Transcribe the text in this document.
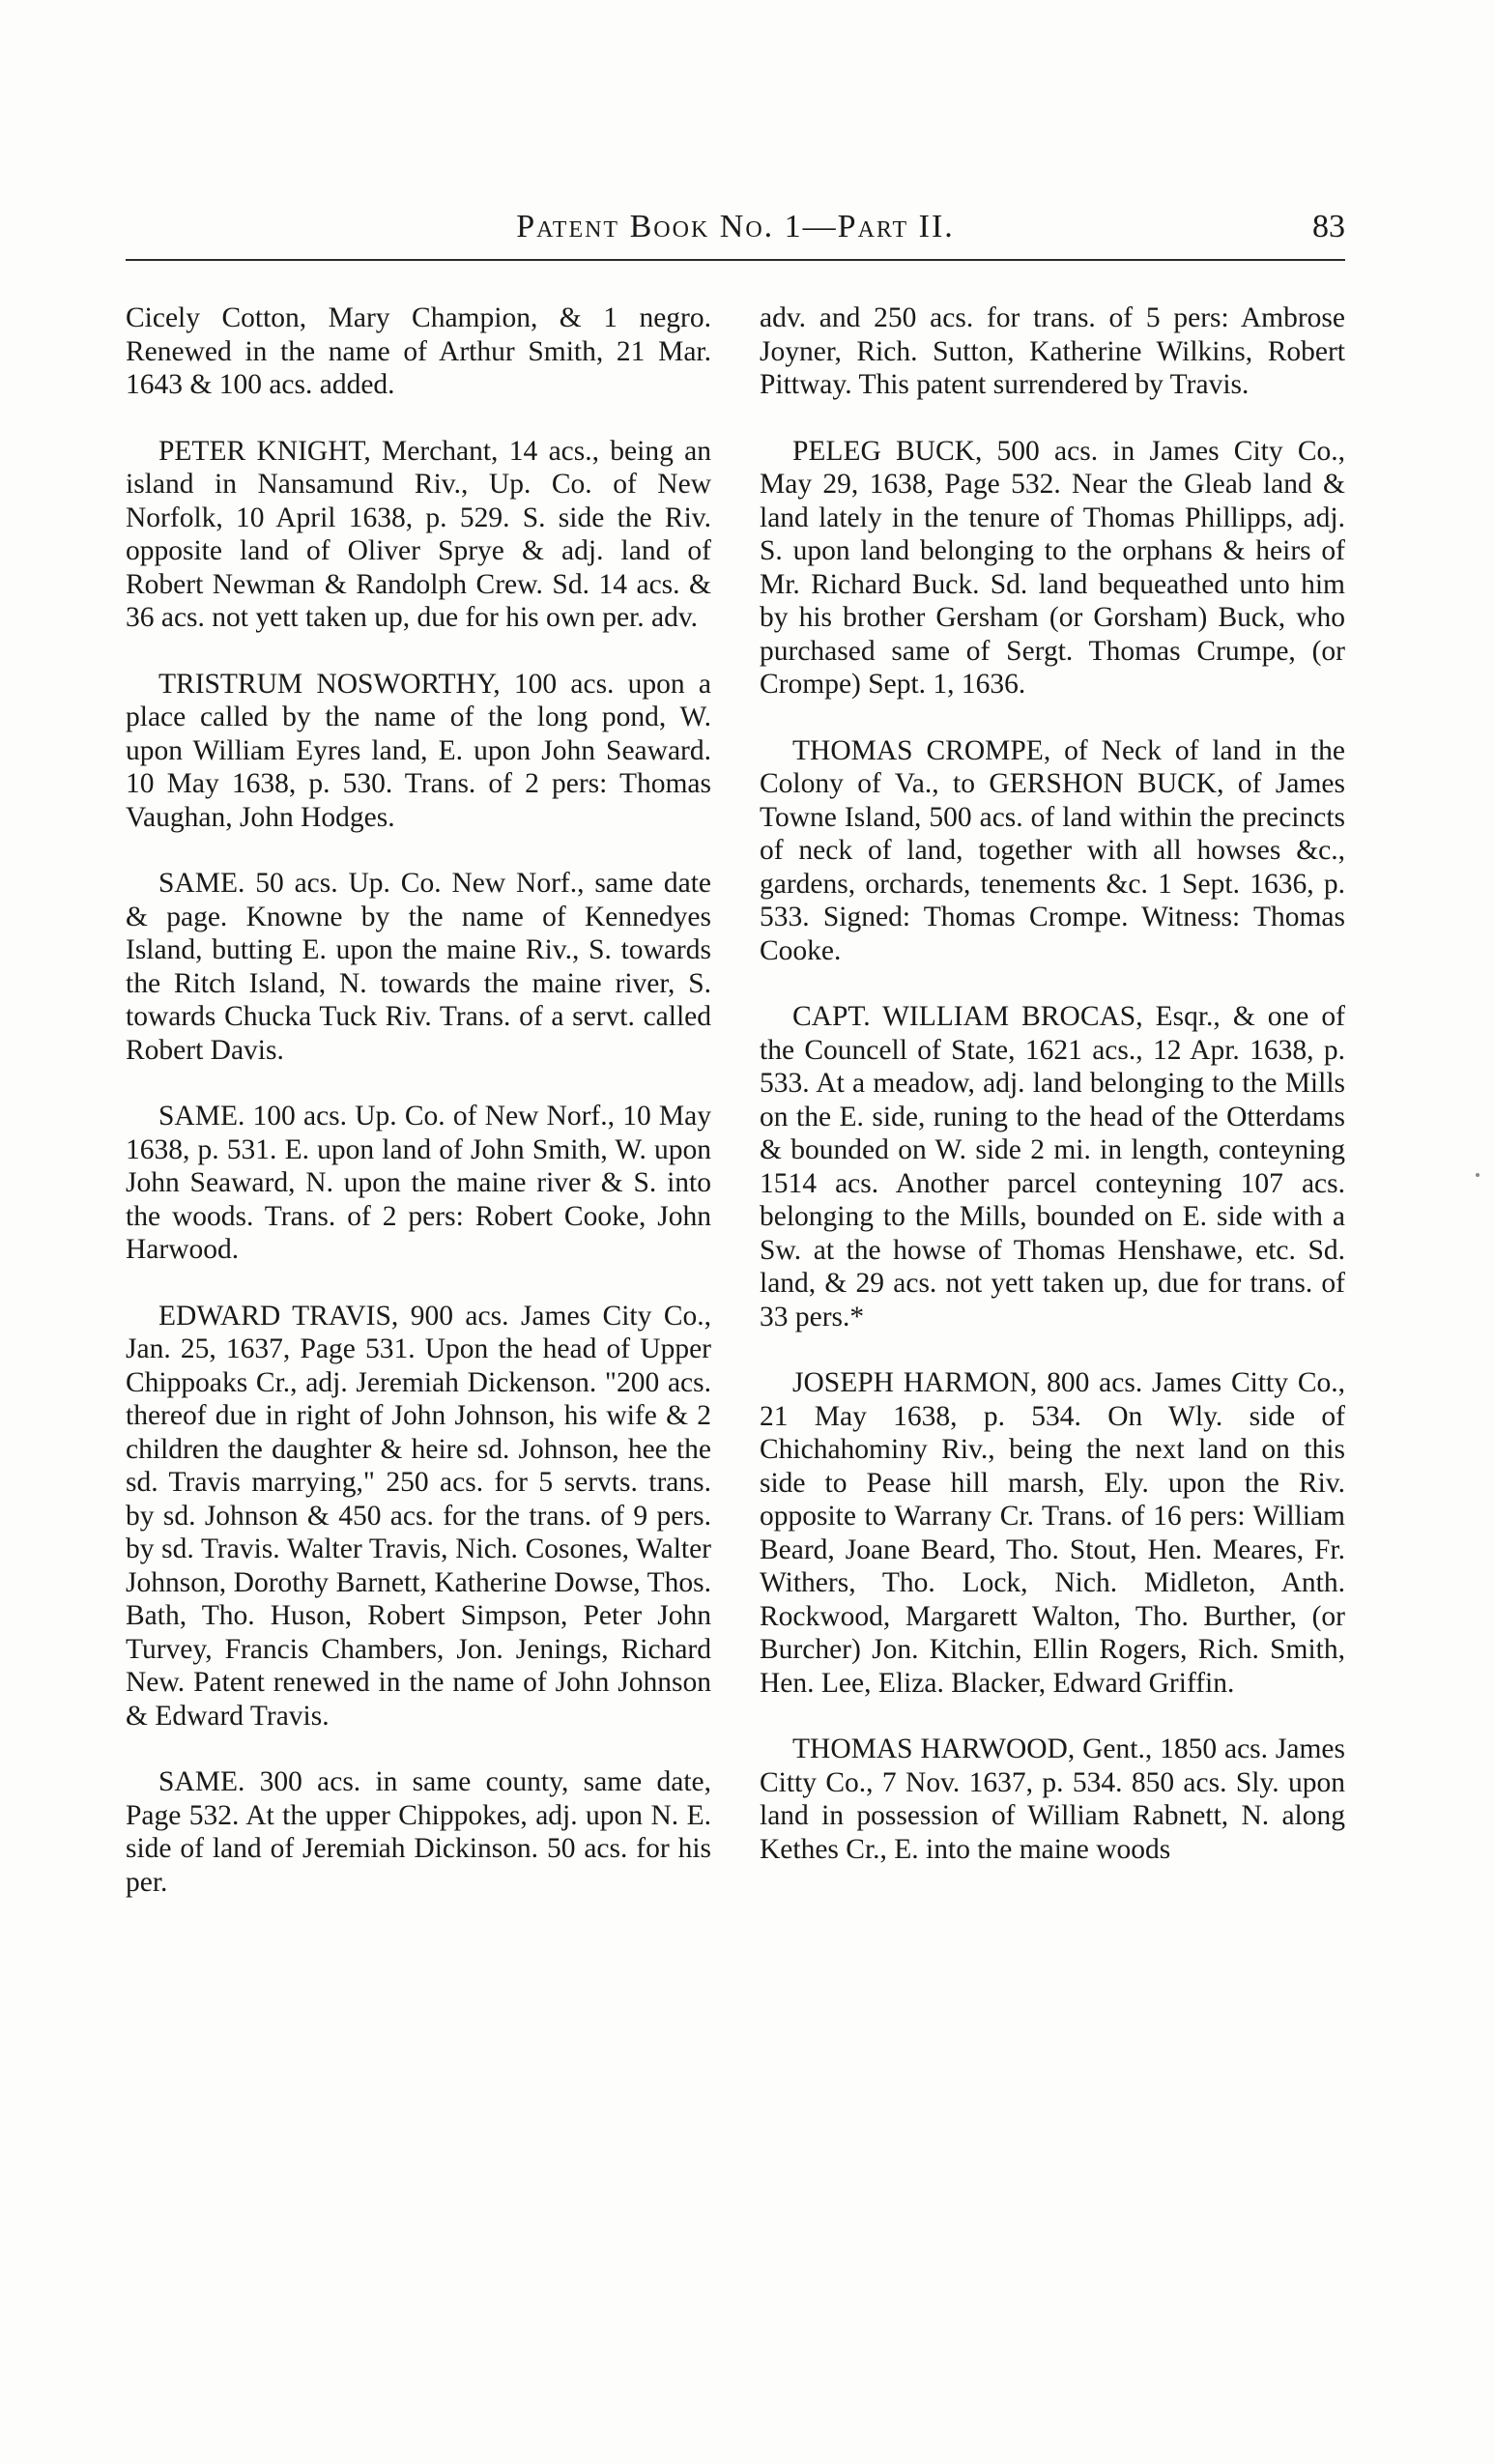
Patent Book No. 1—Part II.	83

Cicely Cotton, Mary Champion, & 1 negro. Renewed in the name of Arthur Smith, 21 Mar. 1643 & 100 acs. added.

PETER KNIGHT, Merchant, 14 acs., being an island in Nansamund Riv., Up. Co. of New Norfolk, 10 April 1638, p. 529. S. side the Riv. opposite land of Oliver Sprye & adj. land of Robert Newman & Randolph Crew. Sd. 14 acs. & 36 acs. not yett taken up, due for his own per. adv.

TRISTRUM NOSWORTHY, 100 acs. upon a place called by the name of the long pond, W. upon William Eyres land, E. upon John Seaward. 10 May 1638, p. 530. Trans. of 2 pers: Thomas Vaughan, John Hodges.

SAME. 50 acs. Up. Co. New Norf., same date & page. Knowne by the name of Kennedyes Island, butting E. upon the maine Riv., S. towards the Ritch Island, N. towards the maine river, S. towards Chucka Tuck Riv. Trans. of a servt. called Robert Davis.

SAME. 100 acs. Up. Co. of New Norf., 10 May 1638, p. 531. E. upon land of John Smith, W. upon John Seaward, N. upon the maine river & S. into the woods. Trans. of 2 pers: Robert Cooke, John Harwood.

EDWARD TRAVIS, 900 acs. James City Co., Jan. 25, 1637, Page 531. Upon the head of Upper Chippoaks Cr., adj. Jeremiah Dickenson. "200 acs. thereof due in right of John Johnson, his wife & 2 children the daughter & heire sd. Johnson, hee the sd. Travis marrying," 250 acs. for 5 servts. trans. by sd. Johnson & 450 acs. for the trans. of 9 pers. by sd. Travis. Walter Travis, Nich. Cosones, Walter Johnson, Dorothy Barnett, Katherine Dowse, Thos. Bath, Tho. Huson, Robert Simpson, Peter John Turvey, Francis Chambers, Jon. Jenings, Richard New. Patent renewed in the name of John Johnson & Edward Travis.

SAME. 300 acs. in same county, same date, Page 532. At the upper Chippokes, adj. upon N. E. side of land of Jeremiah Dickinson. 50 acs. for his per.

adv. and 250 acs. for trans. of 5 pers: Ambrose Joyner, Rich. Sutton, Katherine Wilkins, Robert Pittway. This patent surrendered by Travis.

PELEG BUCK, 500 acs. in James City Co., May 29, 1638, Page 532. Near the Gleab land & land lately in the tenure of Thomas Phillipps, adj. S. upon land belonging to the orphans & heirs of Mr. Richard Buck. Sd. land bequeathed unto him by his brother Gersham (or Gorsham) Buck, who purchased same of Sergt. Thomas Crumpe, (or Crompe) Sept. 1, 1636.

THOMAS CROMPE, of Neck of land in the Colony of Va., to GERSHON BUCK, of James Towne Island, 500 acs. of land within the precincts of neck of land, together with all howses &c., gardens, orchards, tenements &c. 1 Sept. 1636, p. 533. Signed: Thomas Crompe. Witness: Thomas Cooke.

CAPT. WILLIAM BROCAS, Esqr., & one of the Councell of State, 1621 acs., 12 Apr. 1638, p. 533. At a meadow, adj. land belonging to the Mills on the E. side, runing to the head of the Otterdams & bounded on W. side 2 mi. in length, conteyning 1514 acs. Another parcel conteyning 107 acs. belonging to the Mills, bounded on E. side with a Sw. at the howse of Thomas Henshawe, etc. Sd. land, & 29 acs. not yett taken up, due for trans. of 33 pers.*

JOSEPH HARMON, 800 acs. James Citty Co., 21 May 1638, p. 534. On Wly. side of Chichahominy Riv., being the next land on this side to Pease hill marsh, Ely. upon the Riv. opposite to Warrany Cr. Trans. of 16 pers: William Beard, Joane Beard, Tho. Stout, Hen. Meares, Fr. Withers, Tho. Lock, Nich. Midleton, Anth. Rockwood, Margarett Walton, Tho. Burther, (or Burcher) Jon. Kitchin, Ellin Rogers, Rich. Smith, Hen. Lee, Eliza. Blacker, Edward Griffin.

THOMAS HARWOOD, Gent., 1850 acs. James Citty Co., 7 Nov. 1637, p. 534. 850 acs. Sly. upon land in possession of William Rabnett, N. along Kethes Cr., E. into the maine woods
